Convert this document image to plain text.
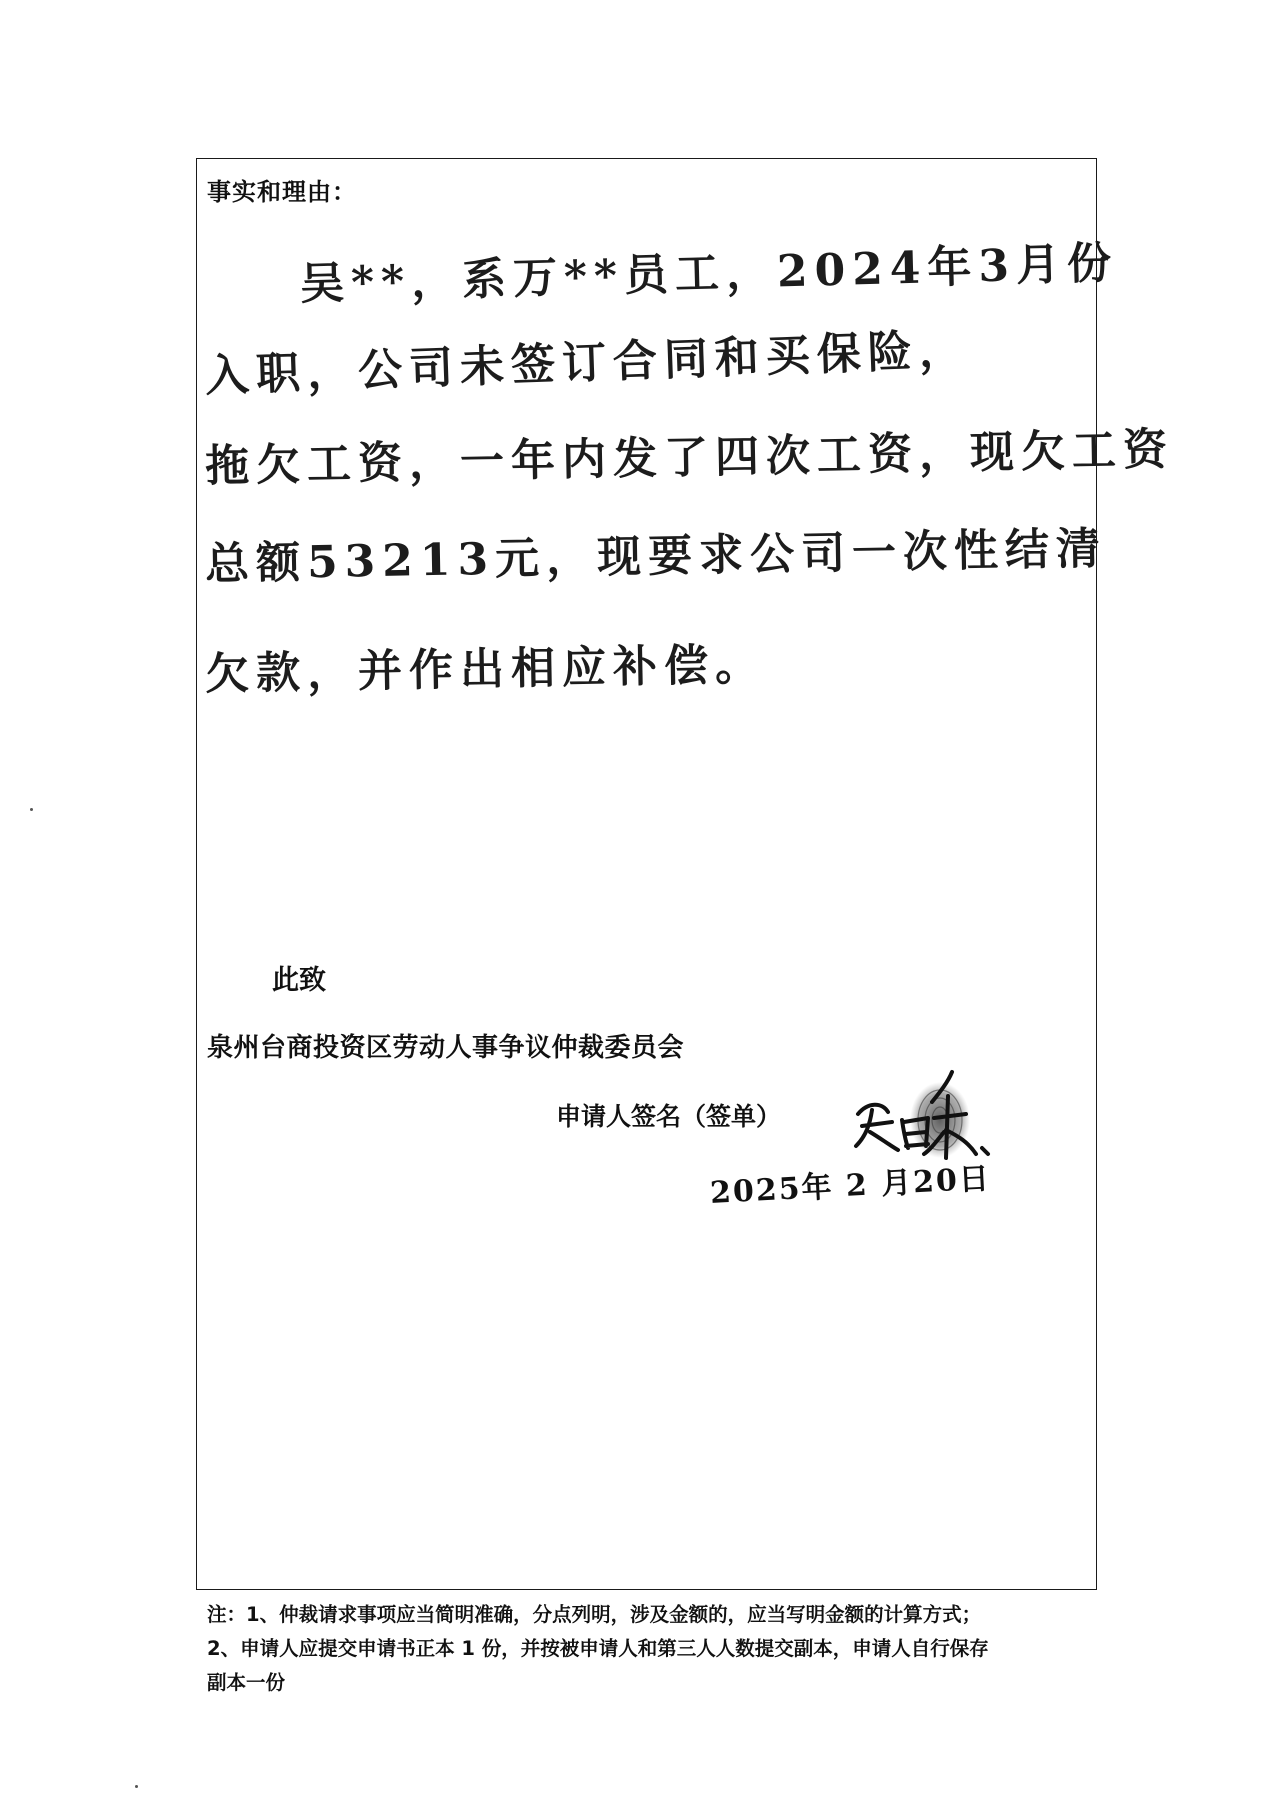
事实和理由：
吴**，系万**员工，2024年3月份
入职，公司未签订合同和买保险，
拖欠工资，一年内发了四次工资，现欠工资
总额53213元，现要求公司一次性结清
欠款，并作出相应补偿。
此致
泉州台商投资区劳动人事争议仲裁委员会
申请人签名（签单）
2025年 2 月20日
注：1、仲裁请求事项应当简明准确，分点列明，涉及金额的，应当写明金额的计算方式；
2、申请人应提交申请书正本 1 份，并按被申请人和第三人人数提交副本，申请人自行保存
副本一份
